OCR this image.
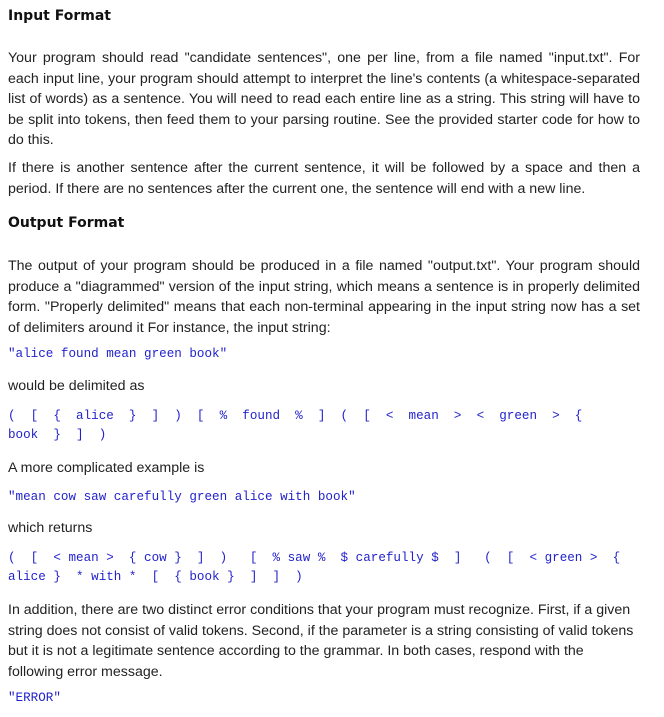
Input Format

Your program should read "candidate sentences", one per line, from a file named "input.txt". For each input line, your program should attempt to interpret the line's contents (a whitespace-separated list of words) as a sentence. You will need to read each entire line as a string. This string will have to be split into tokens, then feed them to your parsing routine. See the provided starter code for how to do this.

If there is another sentence after the current sentence, it will be followed by a space and then a period. If there are no sentences after the current one, the sentence will end with a new line.

Output Format

The output of your program should be produced in a file named "output.txt". Your program should produce a "diagrammed" version of the input string, which means a sentence is in properly delimited form. "Properly delimited" means that each non-terminal appearing in the input string now has a set of delimiters around it For instance, the input string:

"alice found mean green book"

would be delimited as

(  [  {  alice  }  ]  )  [  %  found  %  ]  (  [  <  mean  >  <  green  >  {
book  }  ]  )

A more complicated example is

"mean cow saw carefully green alice with book"

which returns

(  [  < mean >  { cow }  ]  )   [  % saw %  $ carefully $  ]   (  [  < green >  {
alice }  * with *  [  { book }  ]  ]  )

In addition, there are two distinct error conditions that your program must recognize. First, if a given string does not consist of valid tokens. Second, if the parameter is a string consisting of valid tokens but it is not a legitimate sentence according to the grammar. In both cases, respond with the following error message.

"ERROR"
